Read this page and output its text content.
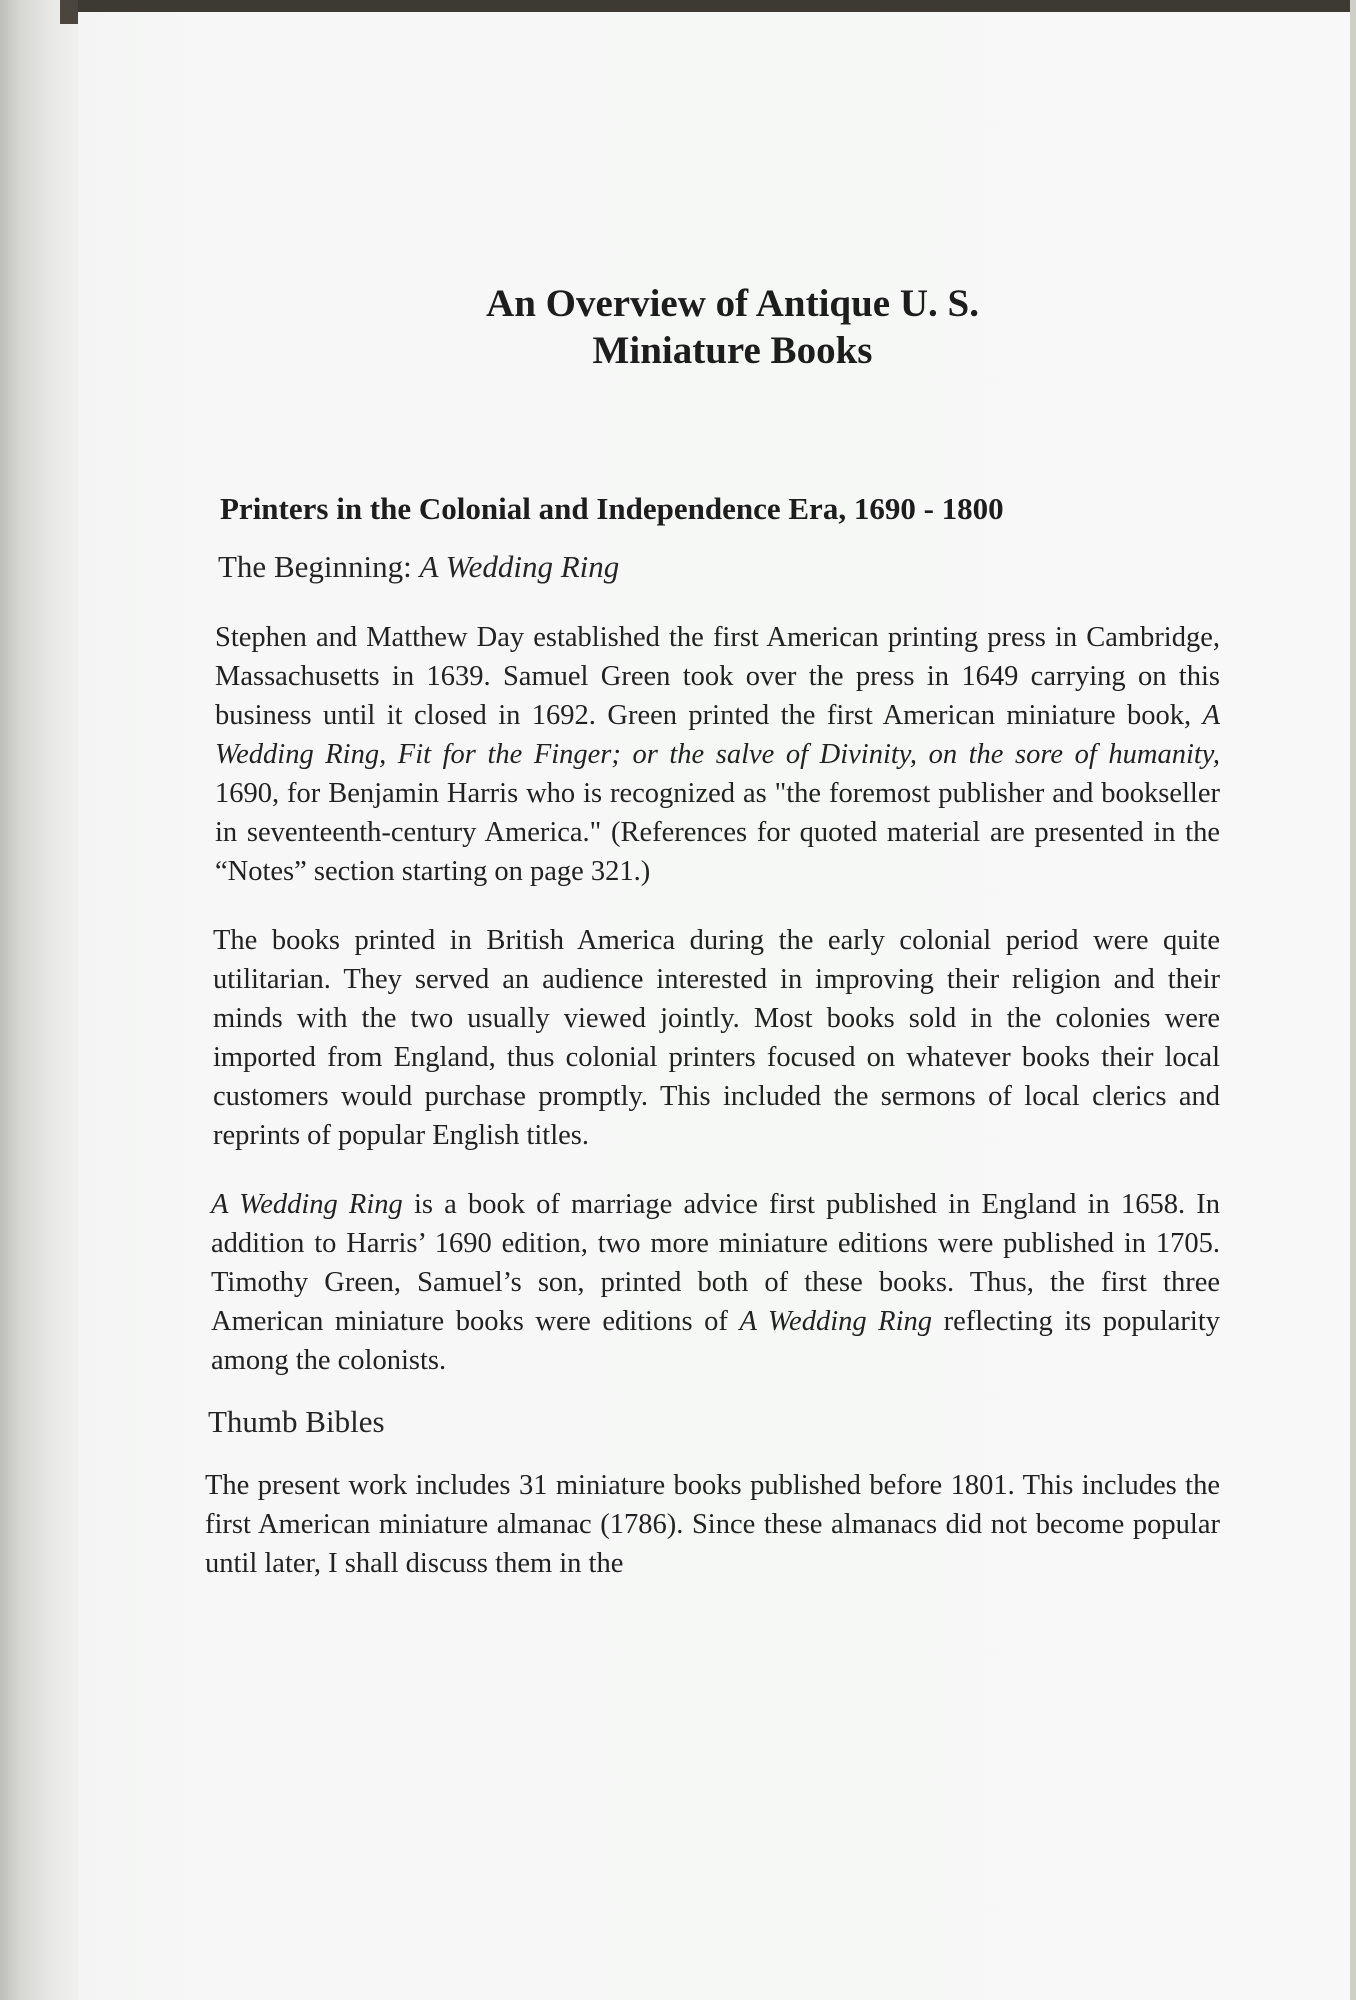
An Overview of Antique U. S.
Miniature Books
Printers in the Colonial and Independence Era, 1690 - 1800
The Beginning: A Wedding Ring

Stephen and Matthew Day established the first American printing press in Cambridge, Massachusetts in 1639. Samuel Green took over the press in 1649 carrying on this business until it closed in 1692. Green printed the first American miniature book, A Wedding Ring, Fit for the Finger; or the salve of Divinity, on the sore of humanity, 1690, for Benjamin Harris who is recognized as "the foremost publisher and bookseller in seventeenth-century America." (References for quoted material are presented in the “Notes” section starting on page 321.)

The books printed in British America during the early colonial period were quite utilitarian. They served an audience interested in improving their religion and their minds with the two usually viewed jointly. Most books sold in the colonies were imported from England, thus colonial printers focused on whatever books their local customers would purchase promptly. This included the sermons of local clerics and reprints of popular English titles.

A Wedding Ring is a book of marriage advice first published in England in 1658. In addition to Harris’ 1690 edition, two more miniature editions were published in 1705. Timothy Green, Samuel’s son, printed both of these books. Thus, the first three American miniature books were editions of A Wedding Ring reflecting its popularity among the colonists.

Thumb Bibles

The present work includes 31 miniature books published before 1801. This includes the first American miniature almanac (1786). Since these almanacs did not become popular until later, I shall discuss them in the
